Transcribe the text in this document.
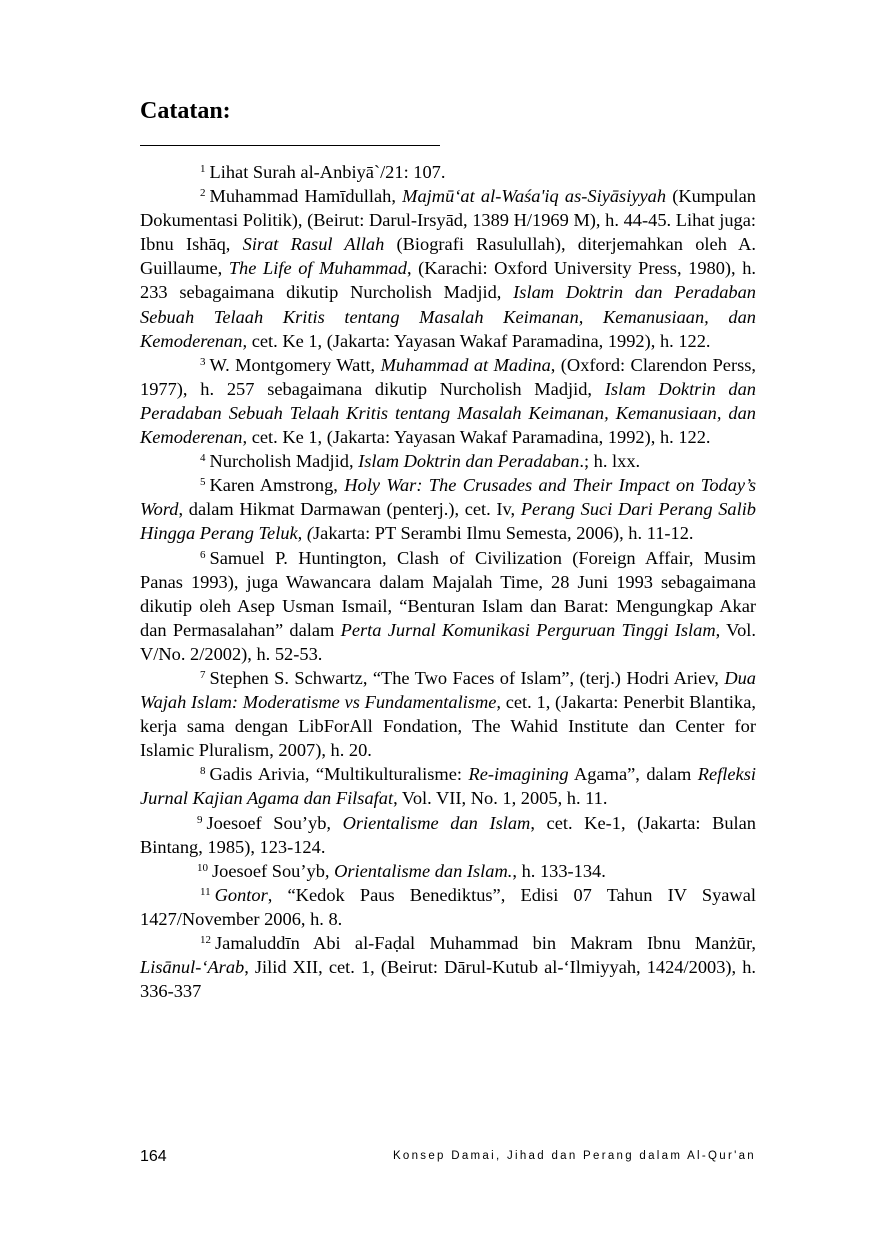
Catatan:

$^1$ Lihat Surah al-Anbiyā`/21: 107.

$^2$ Muhammad Hamīdullah, Majmū‘at al-Waśa'iq as-Siyāsiyyah (Kumpulan Dokumentasi Politik), (Beirut: Darul-Irsyād, 1389 H/1969 M), h. 44-45. Lihat juga: Ibnu Ishāq, Sirat Rasul Allah (Biografi Rasulullah), diterjemahkan oleh A. Guillaume, The Life of Muhammad, (Karachi: Oxford University Press, 1980), h. 233 sebagaimana dikutip Nurcholish Madjid, Islam Doktrin dan Peradaban Sebuah Telaah Kritis tentang Masalah Keimanan, Kemanusiaan, dan Kemoderenan, cet. Ke 1, (Jakarta: Yayasan Wakaf Paramadina, 1992), h. 122.

$^3$ W. Montgomery Watt, Muhammad at Madina, (Oxford: Clarendon Perss, 1977), h. 257 sebagaimana dikutip Nurcholish Madjid, Islam Doktrin dan Peradaban Sebuah Telaah Kritis tentang Masalah Keimanan, Kemanusiaan, dan Kemoderenan, cet. Ke 1, (Jakarta: Yayasan Wakaf Paramadina, 1992), h. 122.

$^4$ Nurcholish Madjid, Islam Doktrin dan Peradaban.; h. lxx.

$^5$ Karen Amstrong, Holy War: The Crusades and Their Impact on Today’s Word, dalam Hikmat Darmawan (penterj.), cet. Iv, Perang Suci Dari Perang Salib Hingga Perang Teluk, (Jakarta: PT Serambi Ilmu Semesta, 2006), h. 11-12.

$^6$ Samuel P. Huntington, Clash of Civilization (Foreign Affair, Musim Panas 1993), juga Wawancara dalam Majalah Time, 28 Juni 1993 sebagaimana dikutip oleh Asep Usman Ismail, “Benturan Islam dan Barat: Mengungkap Akar dan Permasalahan” dalam Perta Jurnal Komunikasi Perguruan Tinggi Islam, Vol. V/No. 2/2002), h. 52-53.

$^7$ Stephen S. Schwartz, “The Two Faces of Islam”, (terj.) Hodri Ariev, Dua Wajah Islam: Moderatisme vs Fundamentalisme, cet. 1, (Jakarta: Penerbit Blantika, kerja sama dengan LibForAll Fondation, The Wahid Institute dan Center for Islamic Pluralism, 2007), h. 20.

$^8$ Gadis Arivia, “Multikulturalisme: Re-imagining Agama”, dalam Refleksi Jurnal Kajian Agama dan Filsafat, Vol. VII, No. 1, 2005, h. 11.

$^9$ Joesoef Sou’yb, Orientalisme dan Islam, cet. Ke-1, (Jakarta: Bulan Bintang, 1985), 123-124.

$^{10}$ Joesoef Sou’yb, Orientalisme dan Islam., h. 133-134.

$^{11}$ Gontor, “Kedok Paus Benediktus”, Edisi 07 Tahun IV Syawal 1427/November 2006, h. 8.

$^{12}$ Jamaluddīn Abi al-Faḍal Muhammad bin Makram Ibnu Manżūr, Lisānul-‘Arab, Jilid XII, cet. 1, (Beirut: Dārul-Kutub al-‘Ilmiyyah, 1424/2003), h. 336-337

164	Konsep Damai, Jihad dan Perang dalam Al-Qur'an
